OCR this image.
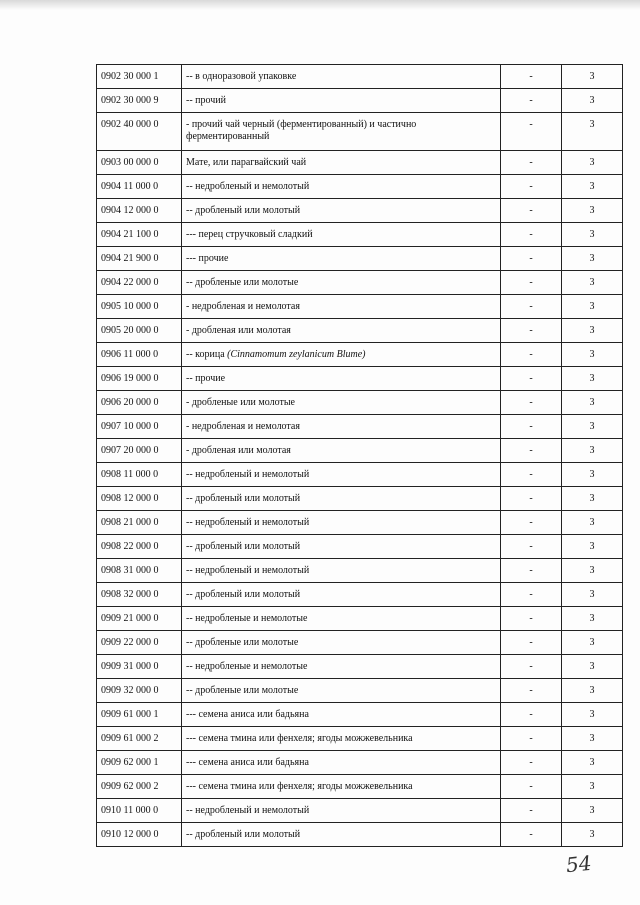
0902 30 000 1	-- в одноразовой упаковке	-	3
0902 30 000 9	-- прочий	-	3
0902 40 000 0	- прочий чай черный (ферментированный) и частично ферментированный	-	3
0903 00 000 0	Мате, или парагвайский чай	-	3
0904 11 000 0	-- недробленый и немолотый	-	3
0904 12 000 0	-- дробленый или молотый	-	3
0904 21 100 0	--- перец стручковый сладкий	-	3
0904 21 900 0	--- прочие	-	3
0904 22 000 0	-- дробленые или молотые	-	3
0905 10 000 0	- недробленая и немолотая	-	3
0905 20 000 0	- дробленая или молотая	-	3
0906 11 000 0	-- корица (Cinnamomum zeylanicum Blume)	-	3
0906 19 000 0	-- прочие	-	3
0906 20 000 0	- дробленые или молотые	-	3
0907 10 000 0	- недробленая и немолотая	-	3
0907 20 000 0	- дробленая или молотая	-	3
0908 11 000 0	-- недробленый и немолотый	-	3
0908 12 000 0	-- дробленый или молотый	-	3
0908 21 000 0	-- недробленый и немолотый	-	3
0908 22 000 0	-- дробленый или молотый	-	3
0908 31 000 0	-- недробленый и немолотый	-	3
0908 32 000 0	-- дробленый или молотый	-	3
0909 21 000 0	-- недробленые и немолотые	-	3
0909 22 000 0	-- дробленые или молотые	-	3
0909 31 000 0	-- недробленые и немолотые	-	3
0909 32 000 0	-- дробленые или молотые	-	3
0909 61 000 1	--- семена аниса или бадьяна	-	3
0909 61 000 2	--- семена тмина или фенхеля; ягоды можжевельника	-	3
0909 62 000 1	--- семена аниса или бадьяна	-	3
0909 62 000 2	--- семена тмина или фенхеля; ягоды можжевельника	-	3
0910 11 000 0	-- недробленый и немолотый	-	3
0910 12 000 0	-- дробленый или молотый	-	3
54
